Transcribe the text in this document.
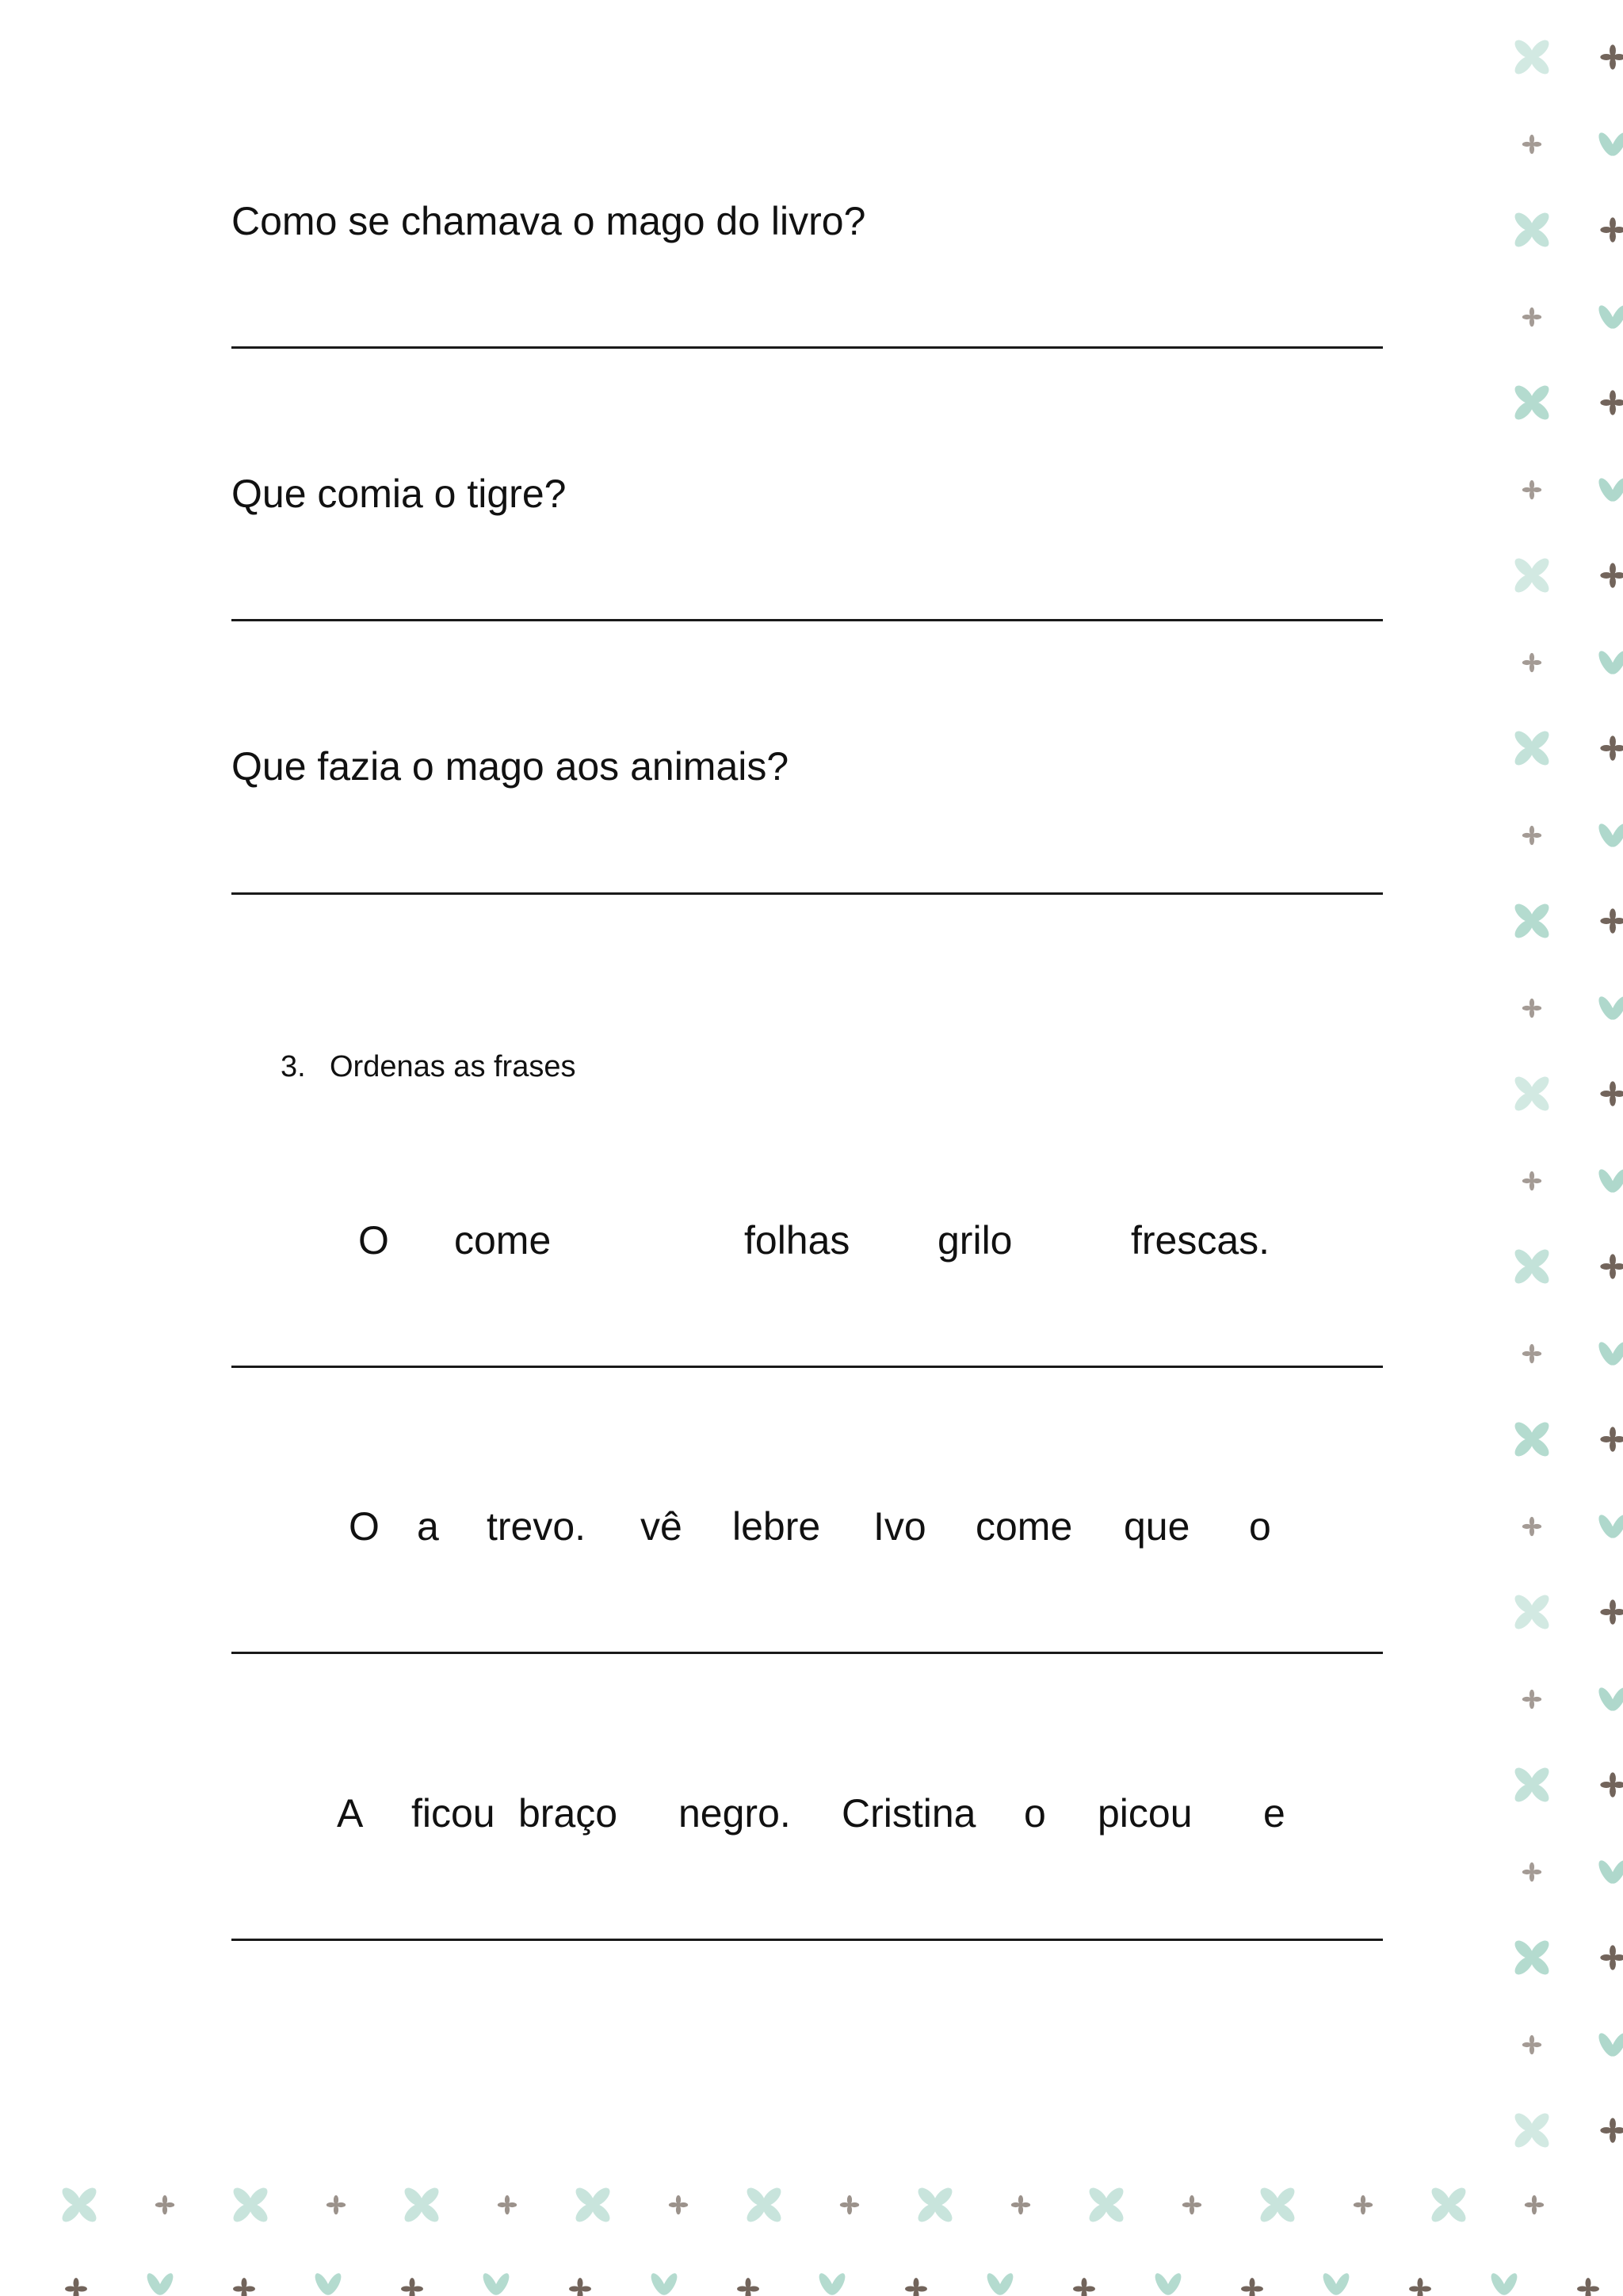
Como se chamava o mago do livro?
Que comia o tigre?
Que fazia o mago aos animais?
3. Ordenas as frases
O come	folhas grilo	frescas.
O a trevo. vê lebre Ivo come que o
A ficou braço negro. Cristina o picou e
